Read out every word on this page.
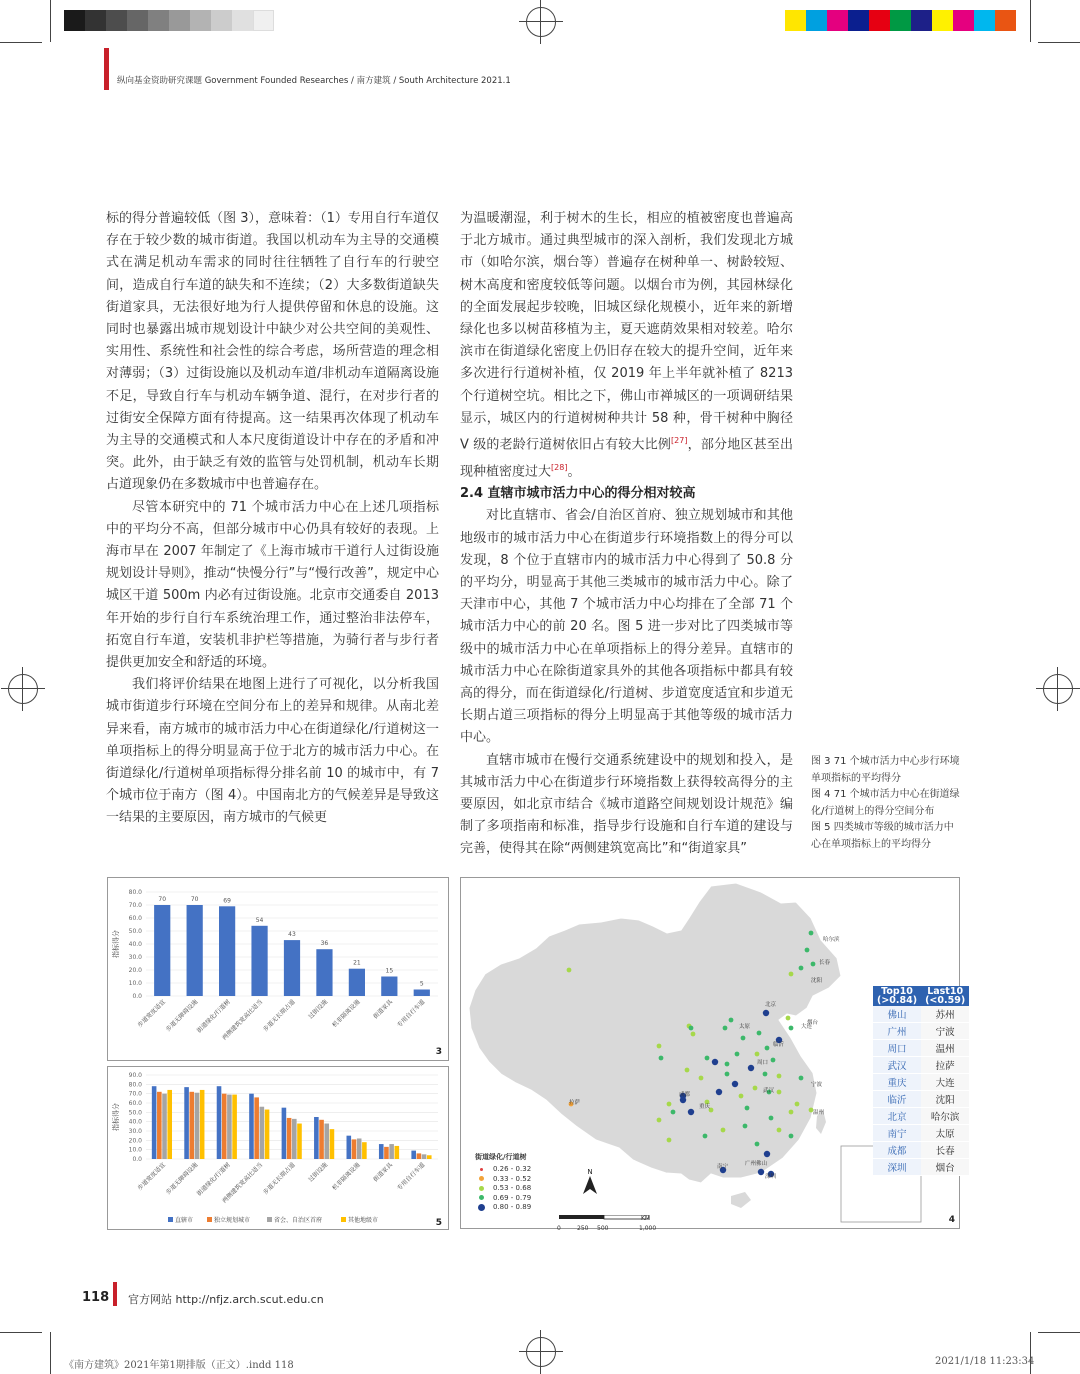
纵向基金资助研究课题 Government Founded Researches / 南方建筑 / South Architecture 2021.1

标的得分普遍较低（图 3），意味着：（1）专用自行车道仅存在于较少数的城市街道。我国以机动车为主导的交通模式在满足机动车需求的同时往往牺牲了自行车的行驶空间，造成自行车道的缺失和不连续；（2）大多数街道缺失街道家具，无法很好地为行人提供停留和休息的设施。这同时也暴露出城市规划设计中缺少对公共空间的美观性、实用性、系统性和社会性的综合考虑，场所营造的理念相对薄弱；（3）过街设施以及机动车道/非机动车道隔离设施不足，导致自行车与机动车辆争道、混行，在对步行者的过街安全保障方面有待提高。这一结果再次体现了机动车为主导的交通模式和人本尺度街道设计中存在的矛盾和冲突。此外，由于缺乏有效的监管与处罚机制，机动车长期占道现象仍在多数城市中也普遍存在。

尽管本研究中的 71 个城市活力中心在上述几项指标中的平均分不高，但部分城市中心仍具有较好的表现。上海市早在 2007 年制定了《上海市城市干道行人过街设施规划设计导则》，推动“快慢分行”与“慢行改善”，规定中心城区干道 500m 内必有过街设施。北京市交通委自 2013 年开始的步行自行车系统治理工作，通过整治非法停车，拓宽自行车道，安装机非护栏等措施，为骑行者与步行者提供更加安全和舒适的环境。

我们将评价结果在地图上进行了可视化，以分析我国城市街道步行环境在空间分布上的差异和规律。从南北差异来看，南方城市的城市活力中心在街道绿化/行道树这一单项指标上的得分明显高于位于北方的城市活力中心。在街道绿化/行道树单项指标得分排名前 10 的城市中，有 7 个城市位于南方（图 4）。中国南北方的气候差异是导致这一结果的主要原因，南方城市的气候更

为温暖潮湿，利于树木的生长，相应的植被密度也普遍高于北方城市。通过典型城市的深入剖析，我们发现北方城市（如哈尔滨，烟台等）普遍存在树种单一、树龄较短、树木高度和密度较低等问题。以烟台市为例，其园林绿化的全面发展起步较晚，旧城区绿化规模小，近年来的新增绿化也多以树苗移植为主，夏天遮荫效果相对较差。哈尔滨市在街道绿化密度上仍旧存在较大的提升空间，近年来多次进行行道树补植，仅 2019 年上半年就补植了 8213 个行道树空坑。相比之下，佛山市禅城区的一项调研结果显示，城区内的行道树树种共计 58 种，骨干树种中胸径 V 级的老龄行道树依旧占有较大比例[27]，部分地区甚至出现种植密度过大[28]。

2.4 直辖市城市活力中心的得分相对较高

对比直辖市、省会/自治区首府、独立规划城市和其他地级市的城市活力中心在街道步行环境指数上的得分可以发现，8 个位于直辖市内的城市活力中心得到了 50.8 分的平均分，明显高于其他三类城市的城市活力中心。除了天津市中心，其他 7 个城市活力中心均排在了全部 71 个城市活力中心的前 20 名。图 5 进一步对比了四类城市等级中的城市活力中心在单项指标上的得分差异。直辖市的城市活力中心在除街道家具外的其他各项指标中都具有较高的得分，而在街道绿化/行道树、步道宽度适宜和步道无长期占道三项指标的得分上明显高于其他等级的城市活力中心。

直辖市城市在慢行交通系统建设中的规划和投入，是其城市活力中心在街道步行环境指数上获得较高得分的主要原因，如北京市结合《城市道路空间规划设计规范》编制了多项指南和标准，指导步行设施和自行车道的建设与完善，使得其在除“两侧建筑宽高比”和“街道家具”

图 3 71 个城市活力中心步行环境
单项指标的平均得分
图 4 71 个城市活力中心在街道绿
化/行道树上的得分空间分布
图 5 四类城市等级的城市活力中
心在单项指标上的平均得分
指标得分
0.0
10.0
20.0
30.0
40.0
50.0
60.0
70.0
80.0
70
步道宽度适宜
70
步道无障碍设施
69
街道绿化/行道树
54
两侧建筑宽高比适当
43
步道无长期占道
36
过街设施
21
机非隔离设施
15
街道家具
5
专用自行车道
3
指标得分
0.0
10.0
20.0
30.0
40.0
50.0
60.0
70.0
80.0
90.0
步道宽度适宜
步道无障碍设施
街道绿化/行道树
两侧建筑宽高比适当
步道无长期占道 过街设施 机非隔离设施 街道家具 专用自行车道
直辖市	独立规划城市	省会、自治区首府	其他地级市	5
哈尔滨
长春
沈阳
北京
大连
烟台
太原
临沂
周口
拉萨
成都
重庆
武汉
宁波
温州
南宁	广州佛山
深圳
街道绿化/行道树
0.26 - 0.32
0.33 - 0.52
0.53 - 0.68
0.69 - 0.79
0.80 - 0.89
N
0	250 500	1,000
KM
Top10
(>0.84)	Last10
(<0.59)
佛山	苏州
广州	宁波
周口	温州
武汉	拉萨
重庆	大连
临沂	沈阳
北京	哈尔滨
南宁	太原
成都	长春
深圳	烟台
4
118 官方网站 http://nfjz.arch.scut.edu.cn
《南方建筑》2021年第1期排版（正文）.indd 118	2021/1/18 11:23:34
